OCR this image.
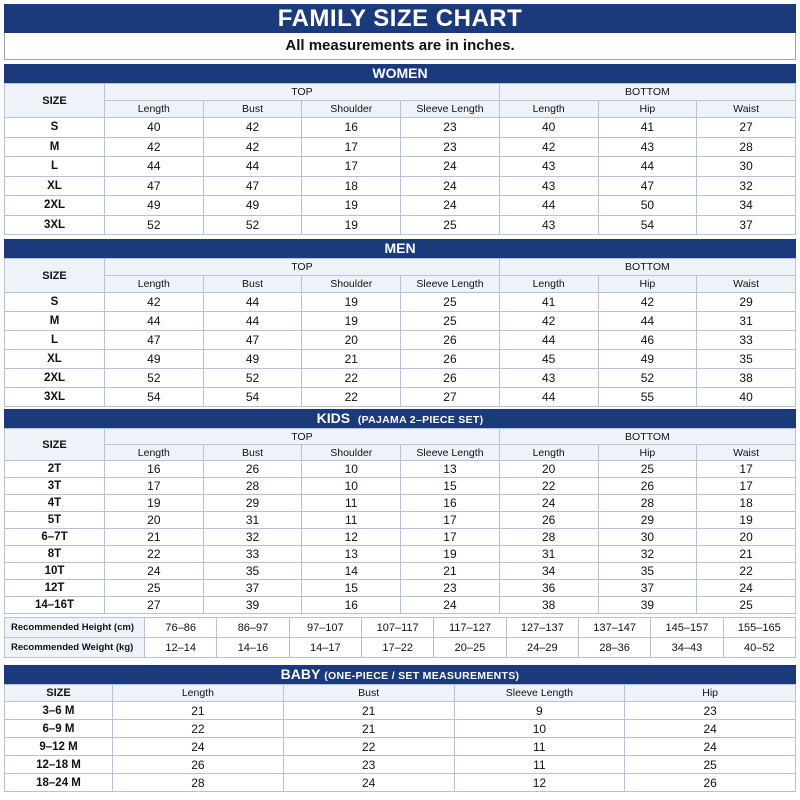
FAMILY SIZE CHART
All measurements are in inches.
WOMEN
SIZE	TOP				BOTTOM		
	Length	Bust	Shoulder	Sleeve Length	Length	Hip	Waist
S	40	42	16	23	40	41	27
M	42	42	17	23	42	43	28
L	44	44	17	24	43	44	30
XL	47	47	18	24	43	47	32
2XL	49	49	19	24	44	50	34
3XL	52	52	19	25	43	54	37
MEN
SIZE	TOP				BOTTOM		
	Length	Bust	Shoulder	Sleeve Length	Length	Hip	Waist
S	42	44	19	25	41	42	29
M	44	44	19	25	42	44	31
L	47	47	20	26	44	46	33
XL	49	49	21	26	45	49	35
2XL	52	52	22	26	43	52	38
3XL	54	54	22	27	44	55	40
KIDS (PAJAMA 2–PIECE SET)
SIZE	TOP				BOTTOM		
	Length	Bust	Shoulder	Sleeve Length	Length	Hip	Waist
2T	16	26	10	13	20	25	17
3T	17	28	10	15	22	26	17
4T	19	29	11	16	24	28	18
5T	20	31	11	17	26	29	19
6–7T	21	32	12	17	28	30	20
8T	22	33	13	19	31	32	21
10T	24	35	14	21	34	35	22
12T	25	37	15	23	36	37	24
14–16T	27	39	16	24	38	39	25
Recommended Height (cm)	76–86	86–97	97–107	107–117	117–127	127–137	137–147	145–157	155–165
Recommended Weight (kg)	12–14	14–16	14–17	17–22	20–25	24–29	28–36	34–43	40–52
BABY (ONE-PIECE / SET MEASUREMENTS)
SIZE	Length	Bust	Sleeve Length	Hip
3–6 M	21	21	9	23
6–9 M	22	21	10	24
9–12 M	24	22	11	24
12–18 M	26	23	11	25
18–24 M	28	24	12	26
